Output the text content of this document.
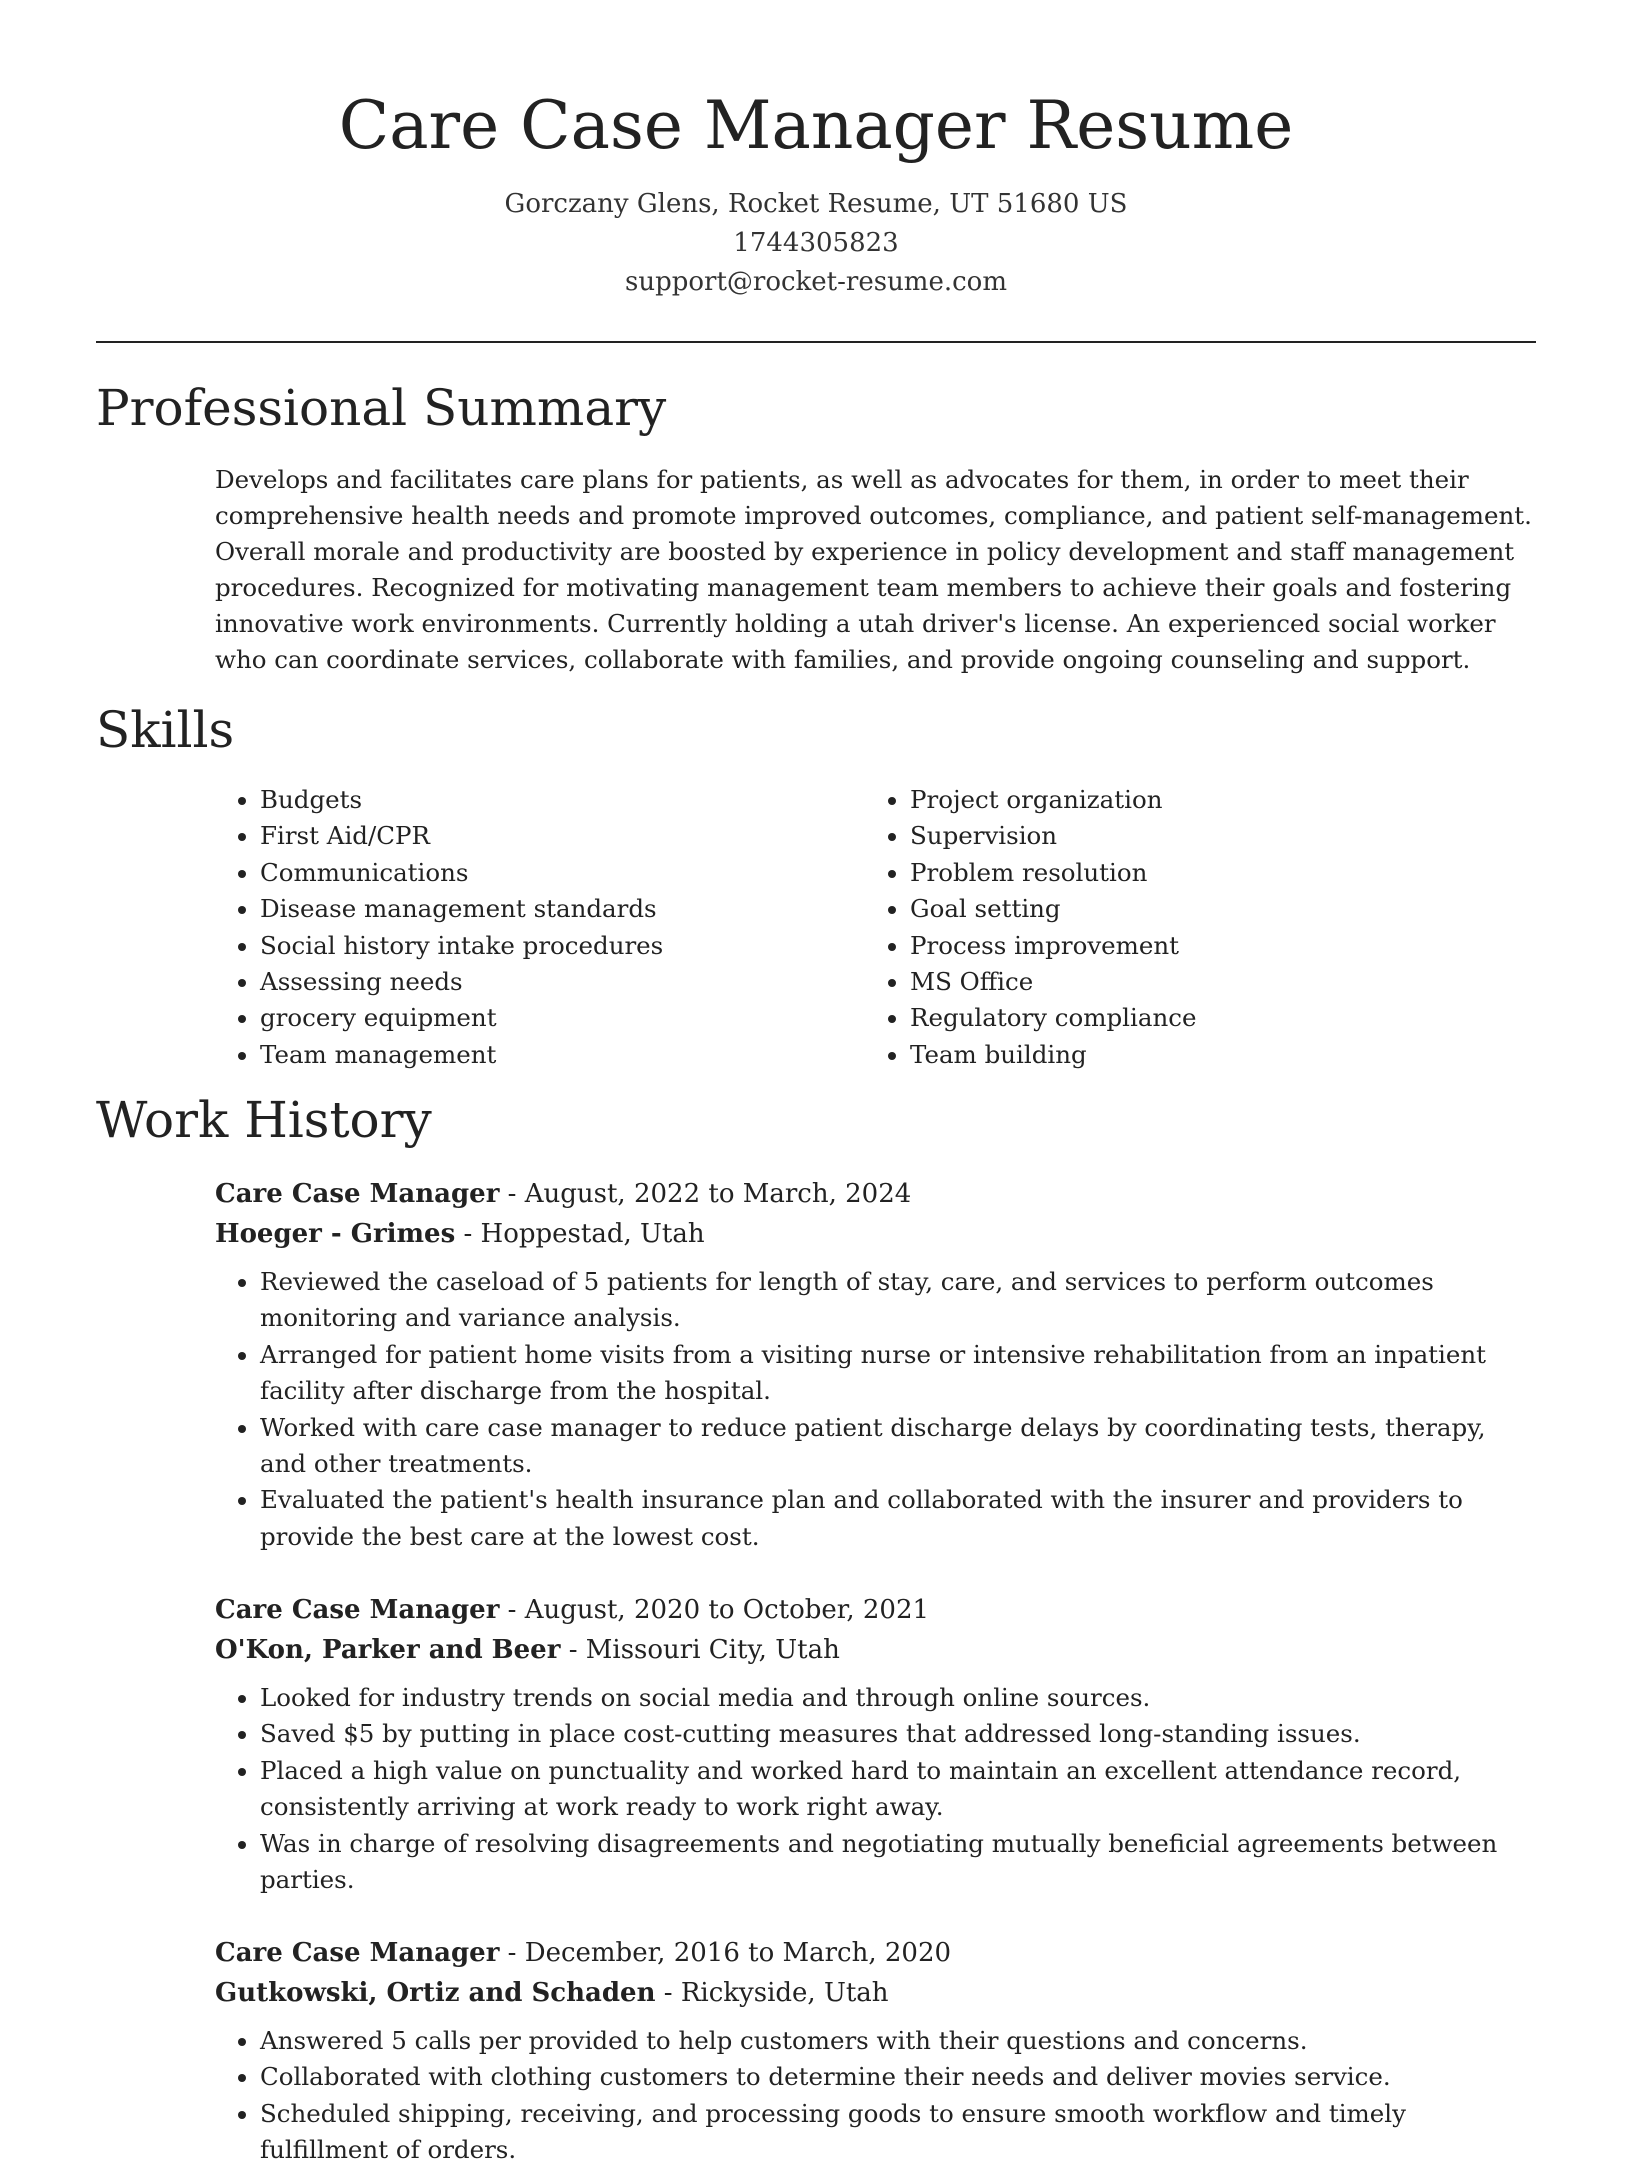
Care Case Manager Resume
Gorczany Glens, Rocket Resume, UT 51680 US
1744305823
support@rocket-resume.com
Professional Summary

Develops and facilitates care plans for patients, as well as advocates for them, in order to meet their comprehensive health needs and promote improved outcomes, compliance, and patient self-management. Overall morale and productivity are boosted by experience in policy development and staff management procedures. Recognized for motivating management team members to achieve their goals and fostering innovative work environments. Currently holding a utah driver's license. An experienced social worker who can coordinate services, collaborate with families, and provide ongoing counseling and support.

Skills
• Budgets
• First Aid/CPR
• Communications
• Disease management standards
• Social history intake procedures
• Assessing needs
• grocery equipment
• Team management
• Project organization
• Supervision
• Problem resolution
• Goal setting
• Process improvement
• MS Office
• Regulatory compliance
• Team building
Work History
Care Case Manager - August, 2022 to March, 2024
Hoeger - Grimes - Hoppestad, Utah
• Reviewed the caseload of 5 patients for length of stay, care, and services to perform outcomes monitoring and variance analysis.
• Arranged for patient home visits from a visiting nurse or intensive rehabilitation from an inpatient facility after discharge from the hospital.
• Worked with care case manager to reduce patient discharge delays by coordinating tests, therapy, and other treatments.
• Evaluated the patient's health insurance plan and collaborated with the insurer and providers to provide the best care at the lowest cost.
Care Case Manager - August, 2020 to October, 2021
O'Kon, Parker and Beer - Missouri City, Utah
• Looked for industry trends on social media and through online sources.
• Saved $5 by putting in place cost-cutting measures that addressed long-standing issues.
• Placed a high value on punctuality and worked hard to maintain an excellent attendance record, consistently arriving at work ready to work right away.
• Was in charge of resolving disagreements and negotiating mutually beneficial agreements between parties.
Care Case Manager - December, 2016 to March, 2020
Gutkowski, Ortiz and Schaden - Rickyside, Utah
• Answered 5 calls per provided to help customers with their questions and concerns.
• Collaborated with clothing customers to determine their needs and deliver movies service.
• Scheduled shipping, receiving, and processing goods to ensure smooth workflow and timely fulfillment of orders.
